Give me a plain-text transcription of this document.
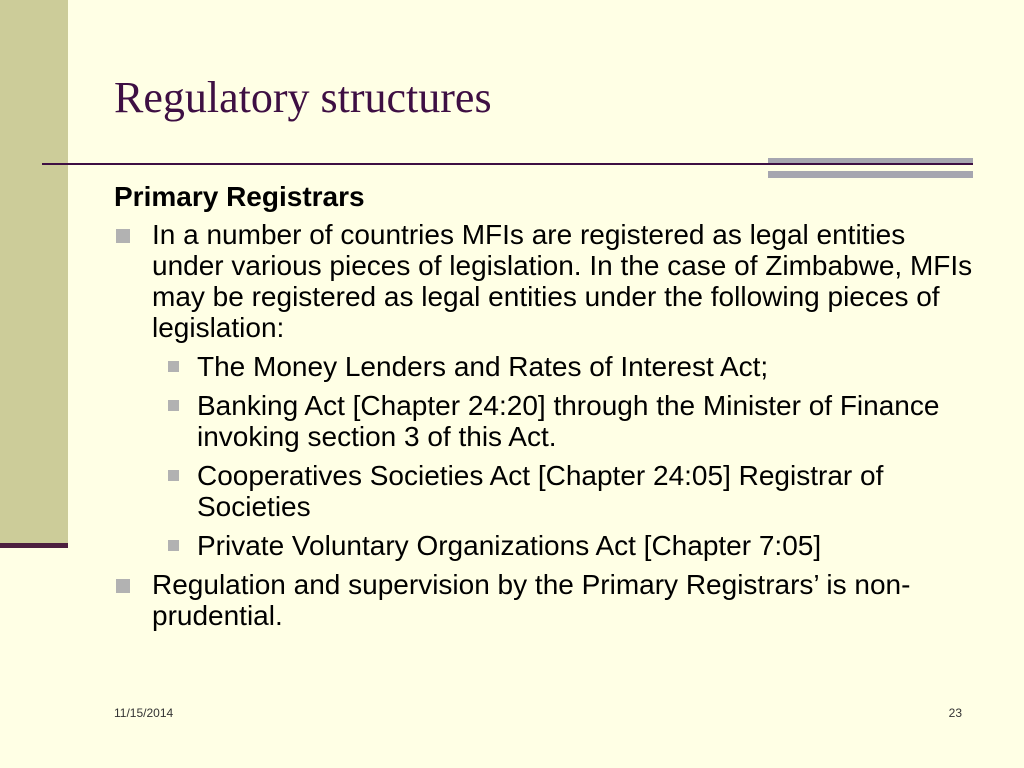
Regulatory structures
Primary Registrars
In a number of countries MFIs are registered as legal entities under various pieces of legislation. In the case of Zimbabwe, MFIs may be registered as legal entities under the following pieces of legislation:
The Money Lenders and Rates of Interest Act;
Banking Act [Chapter 24:20] through the Minister of Finance invoking section 3 of this Act.
Cooperatives Societies Act [Chapter 24:05] Registrar of Societies
Private Voluntary Organizations Act [Chapter 7:05]
Regulation and supervision by the Primary Registrars’ is non-prudential.
11/15/2014	23
